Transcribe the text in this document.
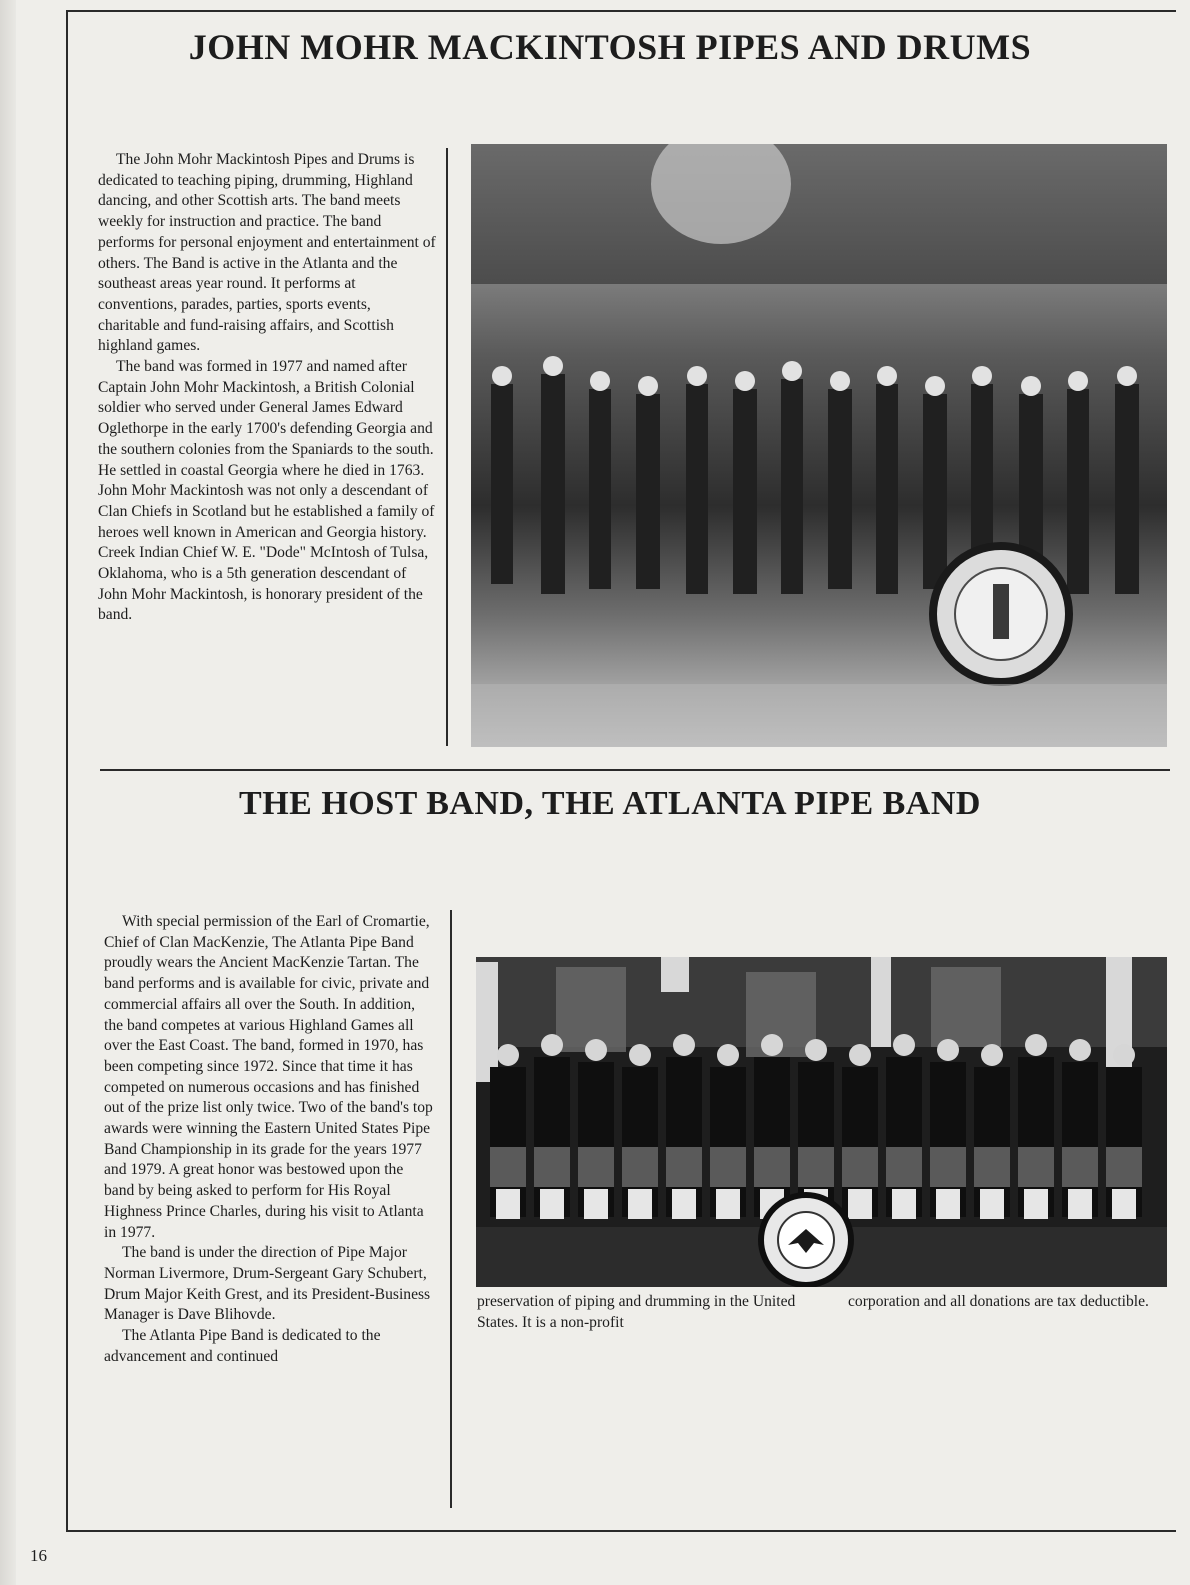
JOHN MOHR MACKINTOSH PIPES AND DRUMS

The John Mohr Mackintosh Pipes and Drums is dedicated to teaching piping, drumming, Highland dancing, and other Scottish arts. The band meets weekly for instruction and practice. The band performs for personal enjoyment and entertainment of others. The Band is active in the Atlanta and the southeast areas year round. It performs at conventions, parades, parties, sports events, charitable and fund-raising affairs, and Scottish highland games.

The band was formed in 1977 and named after Captain John Mohr Mackintosh, a British Colonial soldier who served under General James Edward Oglethorpe in the early 1700's defending Georgia and the southern colonies from the Spaniards to the south. He settled in coastal Georgia where he died in 1763. John Mohr Mackintosh was not only a descendant of Clan Chiefs in Scotland but he established a family of heroes well known in American and Georgia history. Creek Indian Chief W. E. "Dode" McIntosh of Tulsa, Oklahoma, who is a 5th generation descendant of John Mohr Mackintosh, is honorary president of the band.

THE HOST BAND, THE ATLANTA PIPE BAND

With special permission of the Earl of Cromartie, Chief of Clan MacKenzie, The Atlanta Pipe Band proudly wears the Ancient MacKenzie Tartan. The band performs and is available for civic, private and commercial affairs all over the South. In addition, the band competes at various Highland Games all over the East Coast. The band, formed in 1970, has been competing since 1972. Since that time it has competed on numerous occasions and has finished out of the prize list only twice. Two of the band's top awards were winning the Eastern United States Pipe Band Championship in its grade for the years 1977 and 1979. A great honor was bestowed upon the band by being asked to perform for His Royal Highness Prince Charles, during his visit to Atlanta in 1977.

The band is under the direction of Pipe Major Norman Livermore, Drum-Sergeant Gary Schubert, Drum Major Keith Grest, and its President-Business Manager is Dave Blihovde.

The Atlanta Pipe Band is dedicated to the advancement and continued

preservation of piping and drumming in the United States. It is a non-profit

corporation and all donations are tax deductible.

16
